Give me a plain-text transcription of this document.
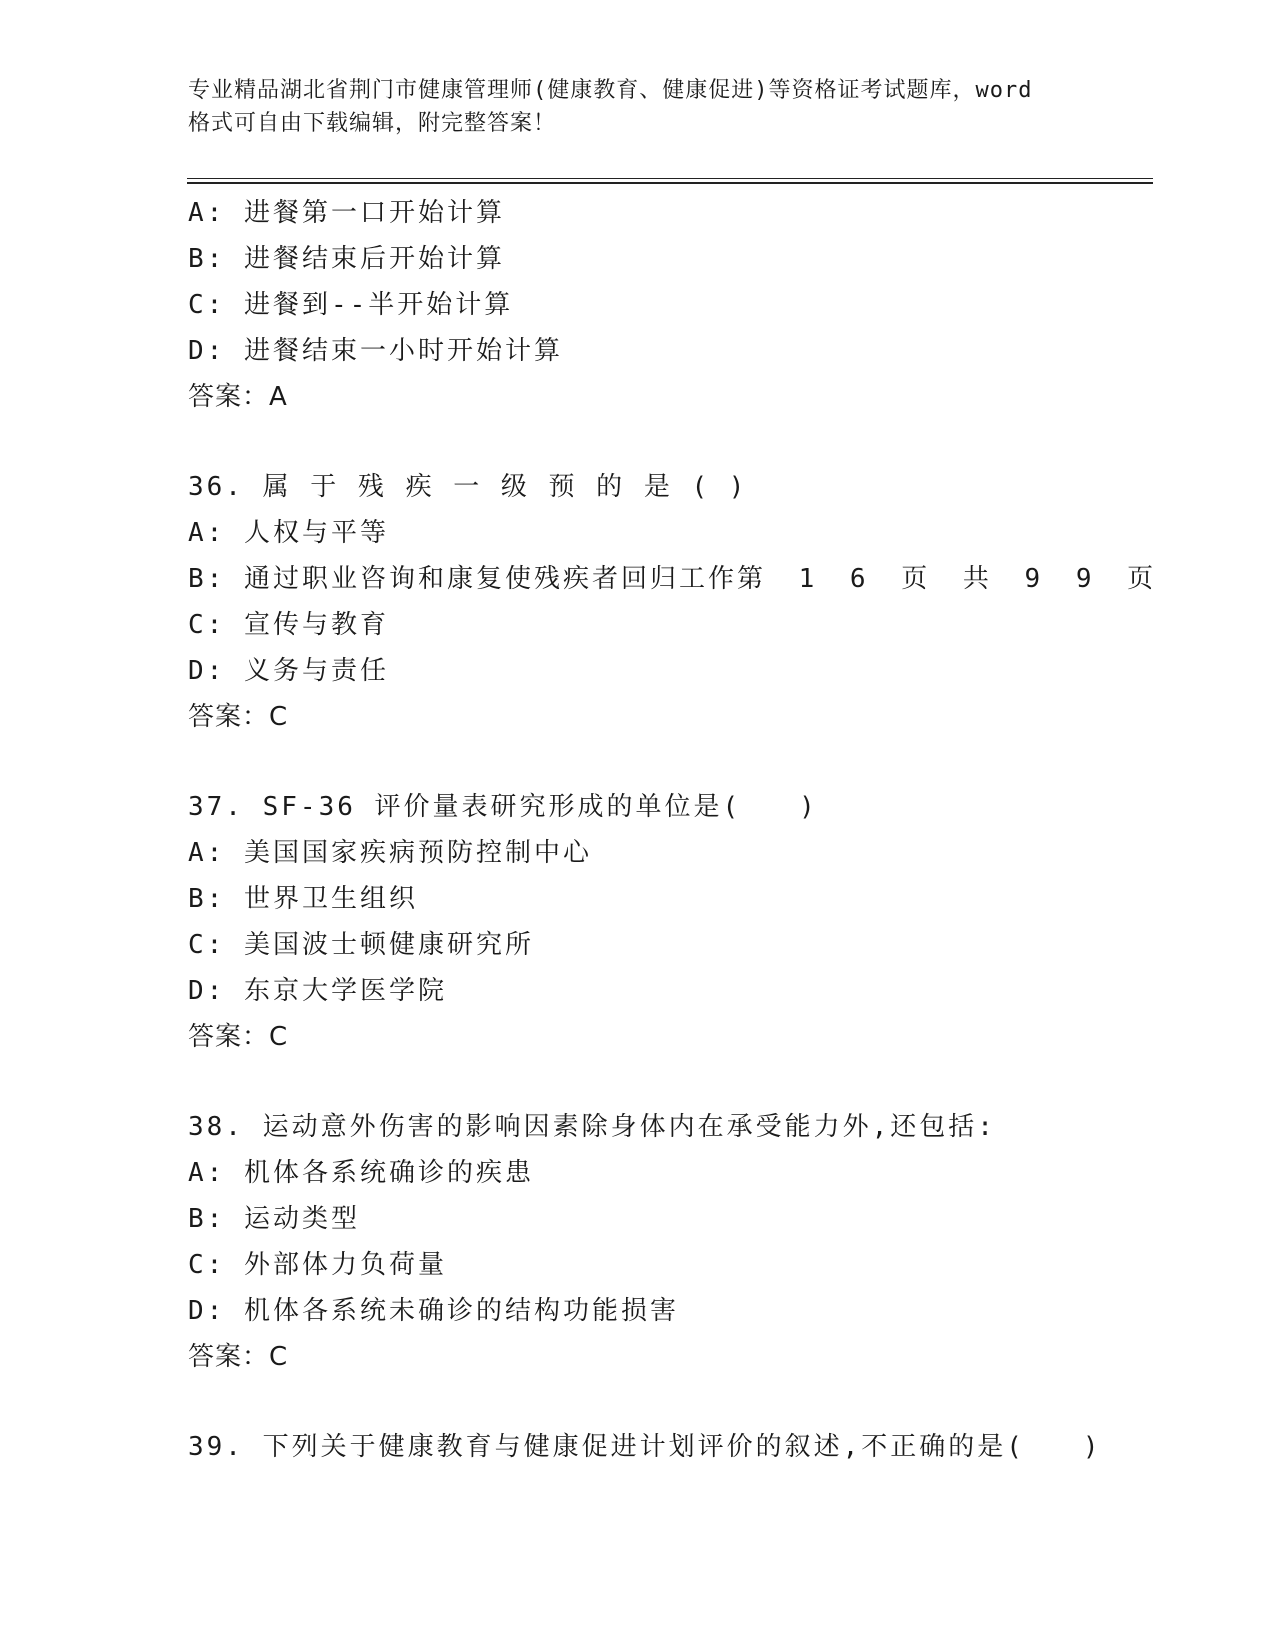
专业精品湖北省荆门市健康管理师(健康教育、健康促进)等资格证考试题库，word
格式可自由下载编辑，附完整答案！
A: 进餐第一口开始计算
B: 进餐结束后开始计算
C: 进餐到--半开始计算
D: 进餐结束一小时开始计算
答案：A
36. 属 于 残 疾 一 级 预 的 是 ( )
A: 人权与平等
B: 通过职业咨询和康复使残疾者回归工作第 1 6 页 共 9 9 页
C: 宣传与教育
D: 义务与责任
答案：C
37. SF-36 评价量表研究形成的单位是(　　)
A: 美国国家疾病预防控制中心
B: 世界卫生组织
C: 美国波士顿健康研究所
D: 东京大学医学院
答案：C
38. 运动意外伤害的影响因素除身体内在承受能力外,还包括:
A: 机体各系统确诊的疾患
B: 运动类型
C: 外部体力负荷量
D: 机体各系统未确诊的结构功能损害
答案：C
39. 下列关于健康教育与健康促进计划评价的叙述,不正确的是(　　)
